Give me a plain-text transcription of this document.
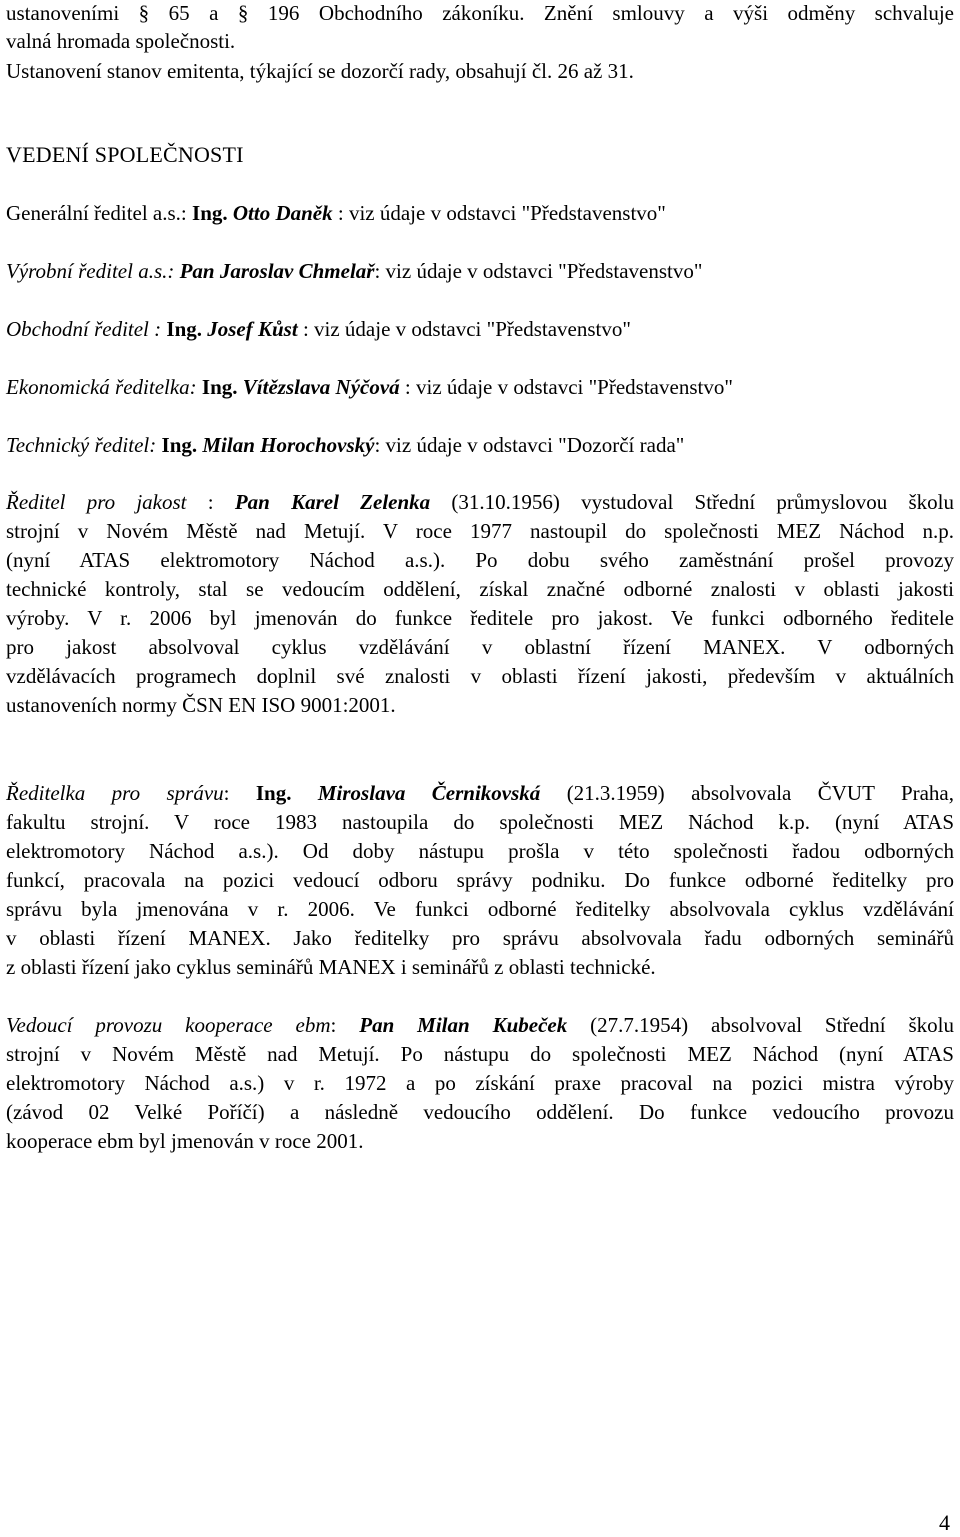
ustanoveními § 65 a § 196 Obchodního zákoníku. Znění smlouvy a výši odměny schvaluje

valná hromada společnosti.

Ustanovení stanov emitenta, týkající se dozorčí rady, obsahují čl. 26 až 31.

VEDENÍ SPOLEČNOSTI

Generální ředitel a.s.: Ing. Otto Daněk : viz údaje v odstavci "Představenstvo"

Výrobní ředitel a.s.: Pan Jaroslav Chmelař: viz údaje v odstavci "Představenstvo"

Obchodní ředitel : Ing. Josef Kůst : viz údaje v odstavci "Představenstvo"

Ekonomická ředitelka: Ing. Vítězslava Nýčová : viz údaje v odstavci "Představenstvo"

Technický ředitel: Ing. Milan Horochovský: viz údaje v odstavci "Dozorčí rada"

Ředitel pro jakost : Pan Karel Zelenka (31.10.1956) vystudoval Střední průmyslovou školu

strojní v Novém Městě nad Metují. V roce 1977 nastoupil do společnosti MEZ Náchod n.p.

(nyní ATAS elektromotory Náchod a.s.). Po dobu svého zaměstnání prošel provozy

technické kontroly, stal se vedoucím oddělení, získal značné odborné znalosti v oblasti jakosti

výroby. V r. 2006 byl jmenován do funkce ředitele pro jakost. Ve funkci odborného ředitele

pro jakost absolvoval cyklus vzdělávání v oblastní řízení MANEX. V odborných

vzdělávacích programech doplnil své znalosti v oblasti řízení jakosti, především v aktuálních

ustanoveních normy ČSN EN ISO 9001:2001.

Ředitelka pro správu: Ing. Miroslava Černikovská (21.3.1959) absolvovala ČVUT Praha,

fakultu strojní. V roce 1983 nastoupila do společnosti MEZ Náchod k.p. (nyní ATAS

elektromotory Náchod a.s.). Od doby nástupu prošla v této společnosti řadou odborných

funkcí, pracovala na pozici vedoucí odboru správy podniku. Do funkce odborné ředitelky pro

správu byla jmenována v r. 2006. Ve funkci odborné ředitelky absolvovala cyklus vzdělávání

v oblasti řízení MANEX. Jako ředitelky pro správu absolvovala řadu odborných seminářů

z oblasti řízení jako cyklus seminářů MANEX i seminářů z oblasti technické.

Vedoucí provozu kooperace ebm: Pan Milan Kubeček (27.7.1954) absolvoval Střední školu

strojní v Novém Městě nad Metují. Po nástupu do společnosti MEZ Náchod (nyní ATAS

elektromotory Náchod a.s.) v r. 1972 a po získání praxe pracoval na pozici mistra výroby

(závod 02 Velké Poříčí) a následně vedoucího oddělení. Do funkce vedoucího provozu

kooperace ebm byl jmenován v roce 2001.

4
